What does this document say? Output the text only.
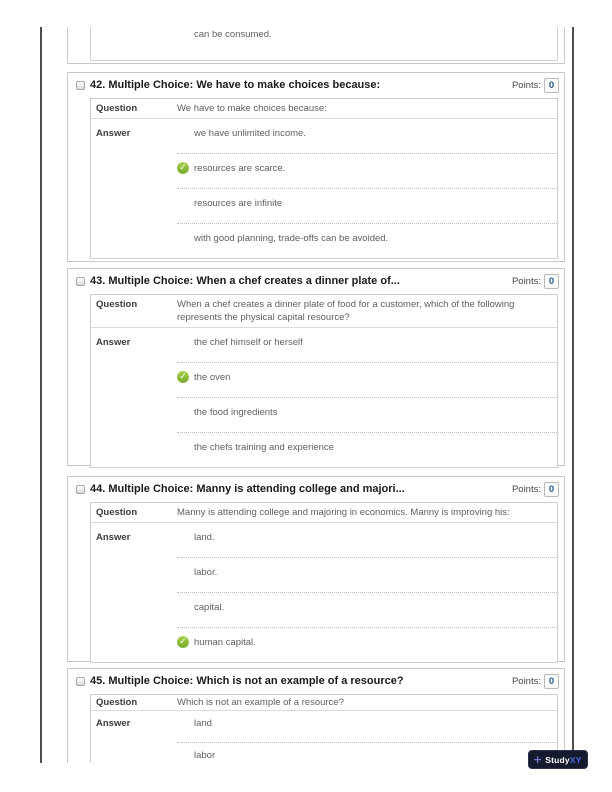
can be consumed.
42. Multiple Choice: We have to make choices because:	Points: 0
Question	We have to make choices because:
Answer	we have unlimited income.
✓ resources are scarce.
resources are infinite
with good planning, trade-offs can be avoided.
43. Multiple Choice: When a chef creates a dinner plate of...	Points: 0
Question	When a chef creates a dinner plate of food for a customer, which of the following represents the physical capital resource?
Answer	the chef himself or herself
✓ the oven
the food ingredients
the chefs training and experience
44. Multiple Choice: Manny is attending college and majori...	Points: 0
Question	Manny is attending college and majoring in economics. Manny is improving his:
Answer	land.
labor.
capital.
✓ human capital.
45. Multiple Choice: Which is not an example of a resource?	Points: 0
Question	Which is not an example of a resource?
Answer	land
labor	+ StudyXY
